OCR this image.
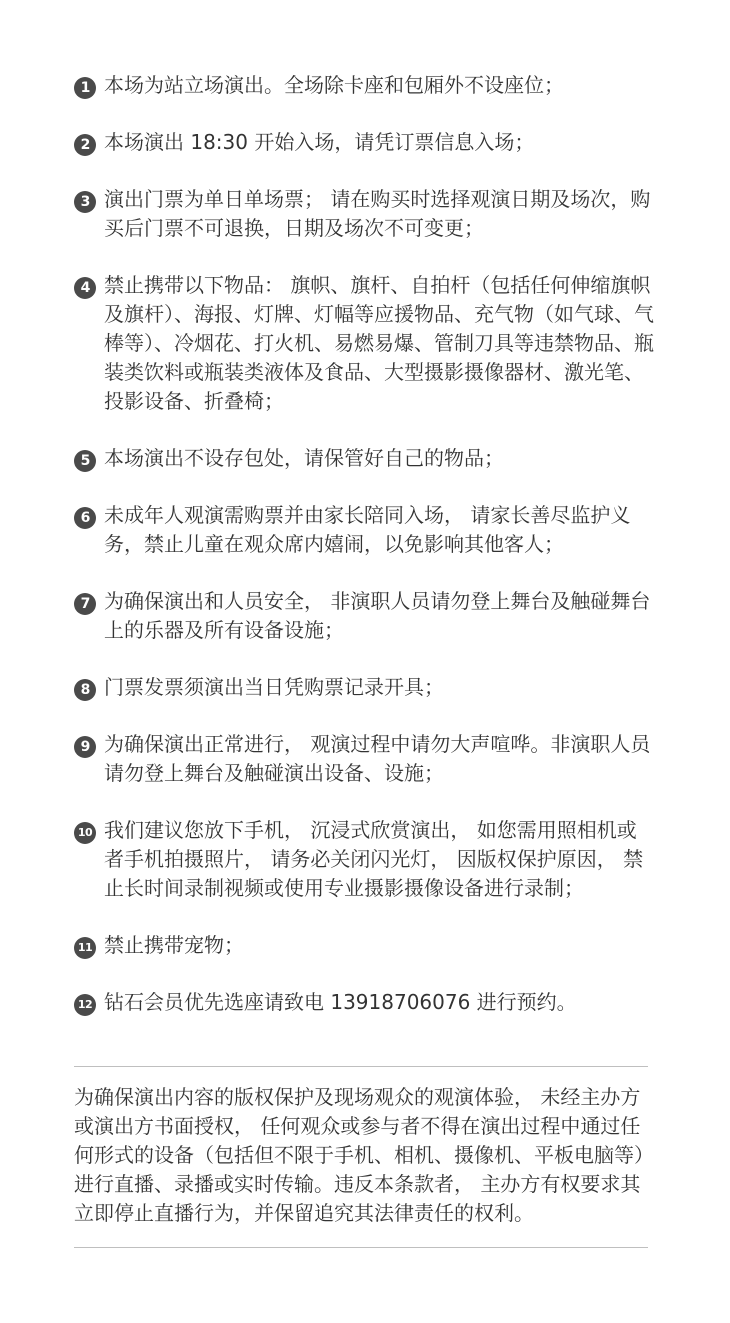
1 本场为站立场演出。全场除卡座和包厢外不设座位；
2 本场演出 18:30 开始入场，请凭订票信息入场；
3 演出门票为单日单场票； 请在购买时选择观演日期及场次，购买后门票不可退换，日期及场次不可变更；
4 禁止携带以下物品： 旗帜、旗杆、自拍杆（包括任何伸缩旗帜及旗杆）、海报、灯牌、灯幅等应援物品、充气物（如气球、气棒等）、冷烟花、打火机、易燃易爆、管制刀具等违禁物品、瓶装类饮料或瓶装类液体及食品、大型摄影摄像器材、激光笔、投影设备、折叠椅；
5 本场演出不设存包处，请保管好自己的物品；
6 未成年人观演需购票并由家长陪同入场， 请家长善尽监护义务，禁止儿童在观众席内嬉闹，以免影响其他客人；
7 为确保演出和人员安全， 非演职人员请勿登上舞台及触碰舞台上的乐器及所有设备设施；
8 门票发票须演出当日凭购票记录开具；
9 为确保演出正常进行， 观演过程中请勿大声喧哗。非演职人员请勿登上舞台及触碰演出设备、设施；
10 我们建议您放下手机， 沉浸式欣赏演出， 如您需用照相机或者手机拍摄照片， 请务必关闭闪光灯， 因版权保护原因， 禁止长时间录制视频或使用专业摄影摄像设备进行录制；
11 禁止携带宠物；
12 钻石会员优先选座请致电 13918706076 进行预约。
为确保演出内容的版权保护及现场观众的观演体验， 未经主办方或演出方书面授权， 任何观众或参与者不得在演出过程中通过任何形式的设备（包括但不限于手机、相机、摄像机、平板电脑等）进行直播、录播或实时传输。违反本条款者， 主办方有权要求其立即停止直播行为，并保留追究其法律责任的权利。
